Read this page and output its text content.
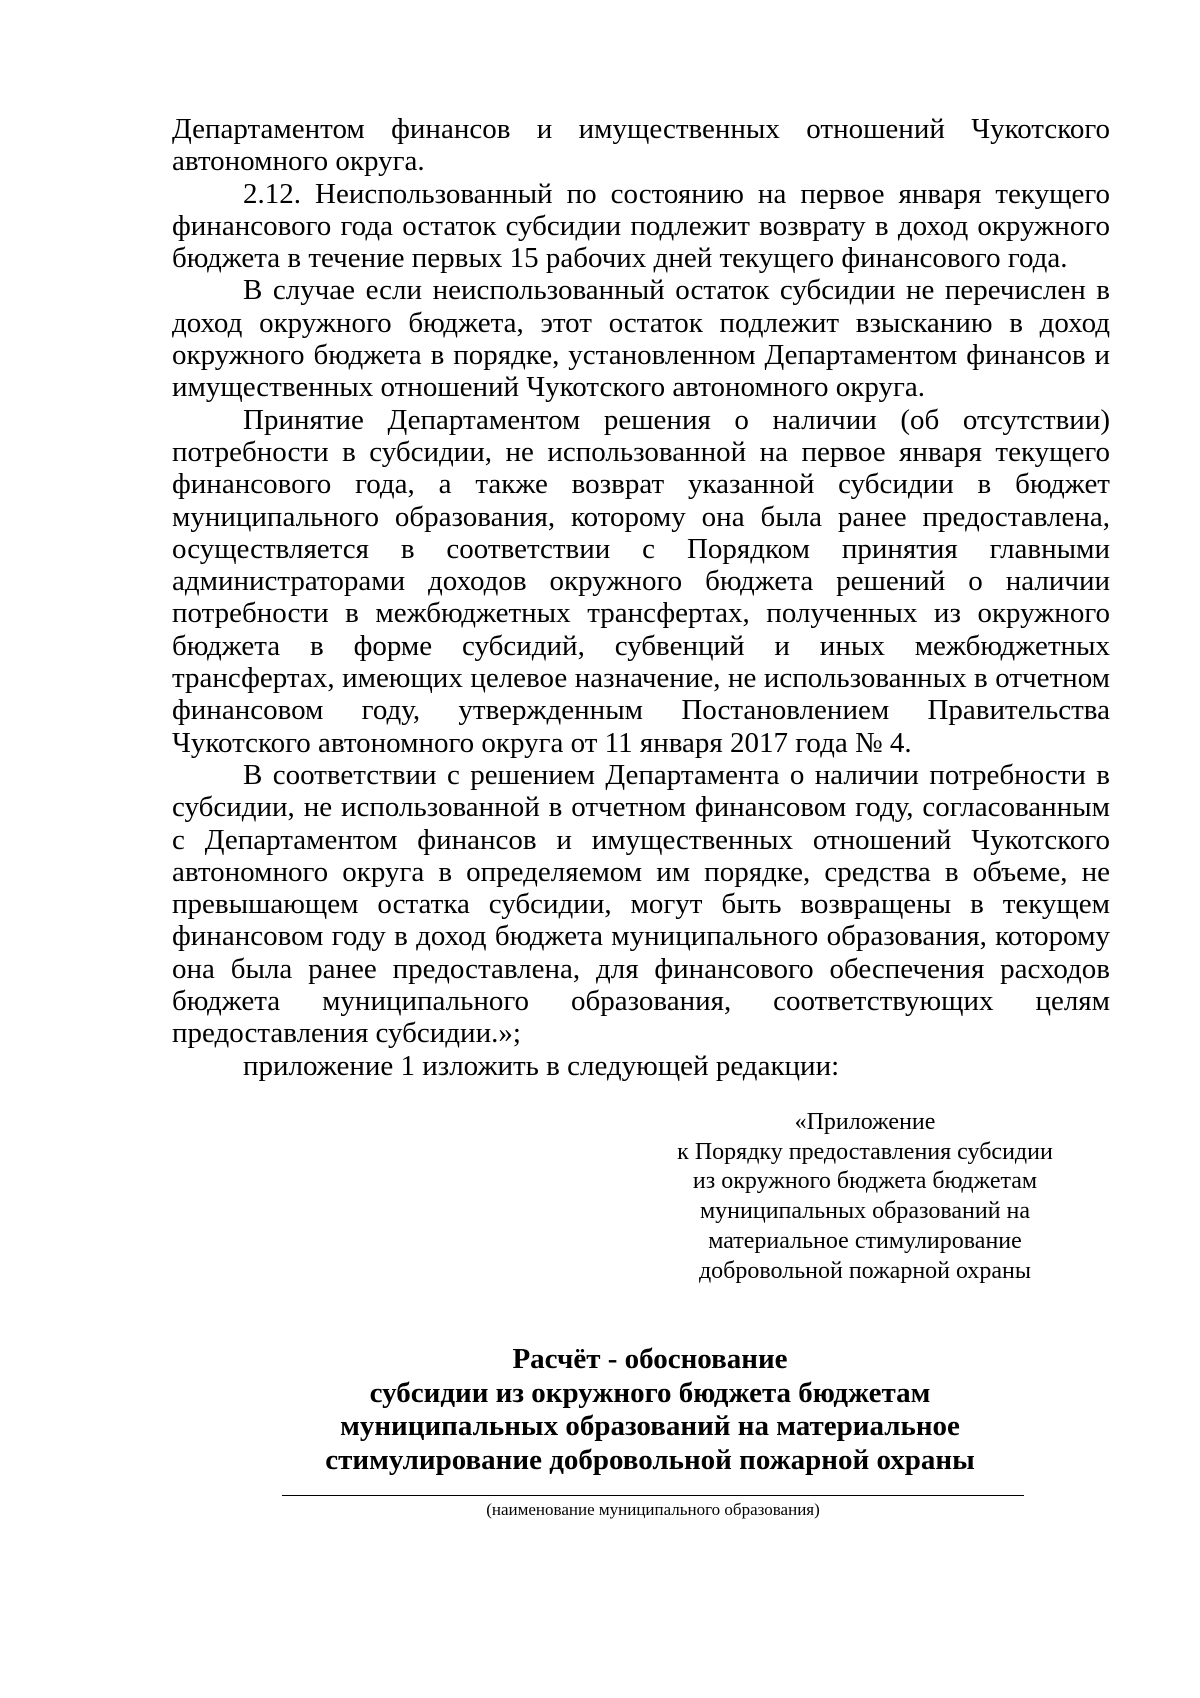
Департаментом финансов и имущественных отношений Чукотского автономного округа.

2.12. Неиспользованный по состоянию на первое января текущего финансового года остаток субсидии подлежит возврату в доход окружного бюджета в течение первых 15 рабочих дней текущего финансового года.

В случае если неиспользованный остаток субсидии не перечислен в доход окружного бюджета, этот остаток подлежит взысканию в доход окружного бюджета в порядке, установленном Департаментом финансов и имущественных отношений Чукотского автономного округа.

Принятие Департаментом решения о наличии (об отсутствии) потребности в субсидии, не использованной на первое января текущего финансового года, а также возврат указанной субсидии в бюджет муниципального образования, которому она была ранее предоставлена, осуществляется в соответствии с Порядком принятия главными администраторами доходов окружного бюджета решений о наличии потребности в межбюджетных трансфертах, полученных из окружного бюджета в форме субсидий, субвенций и иных межбюджетных трансфертах, имеющих целевое назначение, не использованных в отчетном финансовом году, утвержденным Постановлением Правительства Чукотского автономного округа от 11 января 2017 года № 4.

В соответствии с решением Департамента о наличии потребности в субсидии, не использованной в отчетном финансовом году, согласованным с Департаментом финансов и имущественных отношений Чукотского автономного округа в определяемом им порядке, средства в объеме, не превышающем остатка субсидии, могут быть возвращены в текущем финансовом году в доход бюджета муниципального образования, которому она была ранее предоставлена, для финансового обеспечения расходов бюджета муниципального образования, соответствующих целям предоставления субсидии.»;

приложение 1 изложить в следующей редакции:

«Приложение
к Порядку предоставления субсидии
из окружного бюджета бюджетам
муниципальных образований на
материальное стимулирование
добровольной пожарной охраны
Расчёт - обоснование
субсидии из окружного бюджета бюджетам
муниципальных образований на материальное
стимулирование добровольной пожарной охраны
(наименование муниципального образования)
